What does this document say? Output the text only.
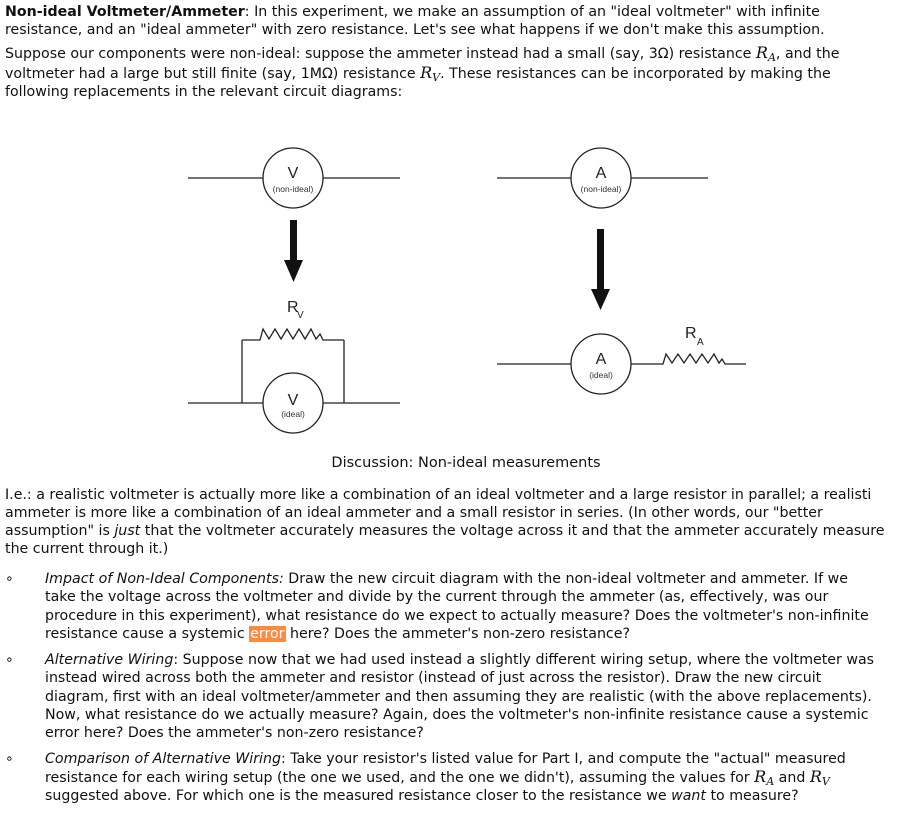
Non-ideal Voltmeter/Ammeter: In this experiment, we make an assumption of an "ideal voltmeter" with infinite
resistance, and an "ideal ammeter" with zero resistance. Let's see what happens if we don't make this assumption.
Suppose our components were non-ideal: suppose the ammeter instead had a small (say, 3Ω) resistance $R_A$, and the
voltmeter had a large but still finite (say, 1MΩ) resistance $R_V$. These resistances can be incorporated by making the
following replacements in the relevant circuit diagrams:
V
(non-ideal)
R
V
V
(ideal)
A
(non-ideal)
A
(ideal)
R
A
Discussion: Non-ideal measurements
I.e.: a realistic voltmeter is actually more like a combination of an ideal voltmeter and a large resistor in parallel; a realisti
ammeter is more like a combination of an ideal ammeter and a small resistor in series. (In other words, our "better
assumption" is just that the voltmeter accurately measures the voltage across it and that the ammeter accurately measure
the current through it.)
∘ Impact of Non-Ideal Components: Draw the new circuit diagram with the non-ideal voltmeter and ammeter. If we
take the voltage across the voltmeter and divide by the current through the ammeter (as, effectively, was our
procedure in this experiment), what resistance do we expect to actually measure? Does the voltmeter's non-infinite
resistance cause a systemic error here? Does the ammeter's non-zero resistance?
∘ Alternative Wiring: Suppose now that we had used instead a slightly different wiring setup, where the voltmeter was
instead wired across both the ammeter and resistor (instead of just across the resistor). Draw the new circuit
diagram, first with an ideal voltmeter/ammeter and then assuming they are realistic (with the above replacements).
Now, what resistance do we actually measure? Again, does the voltmeter's non-infinite resistance cause a systemic
error here? Does the ammeter's non-zero resistance?
∘ Comparison of Alternative Wiring: Take your resistor's listed value for Part I, and compute the "actual" measured
resistance for each wiring setup (the one we used, and the one we didn't), assuming the values for $R_A$ and $R_V$
suggested above. For which one is the measured resistance closer to the resistance we want to measure?
